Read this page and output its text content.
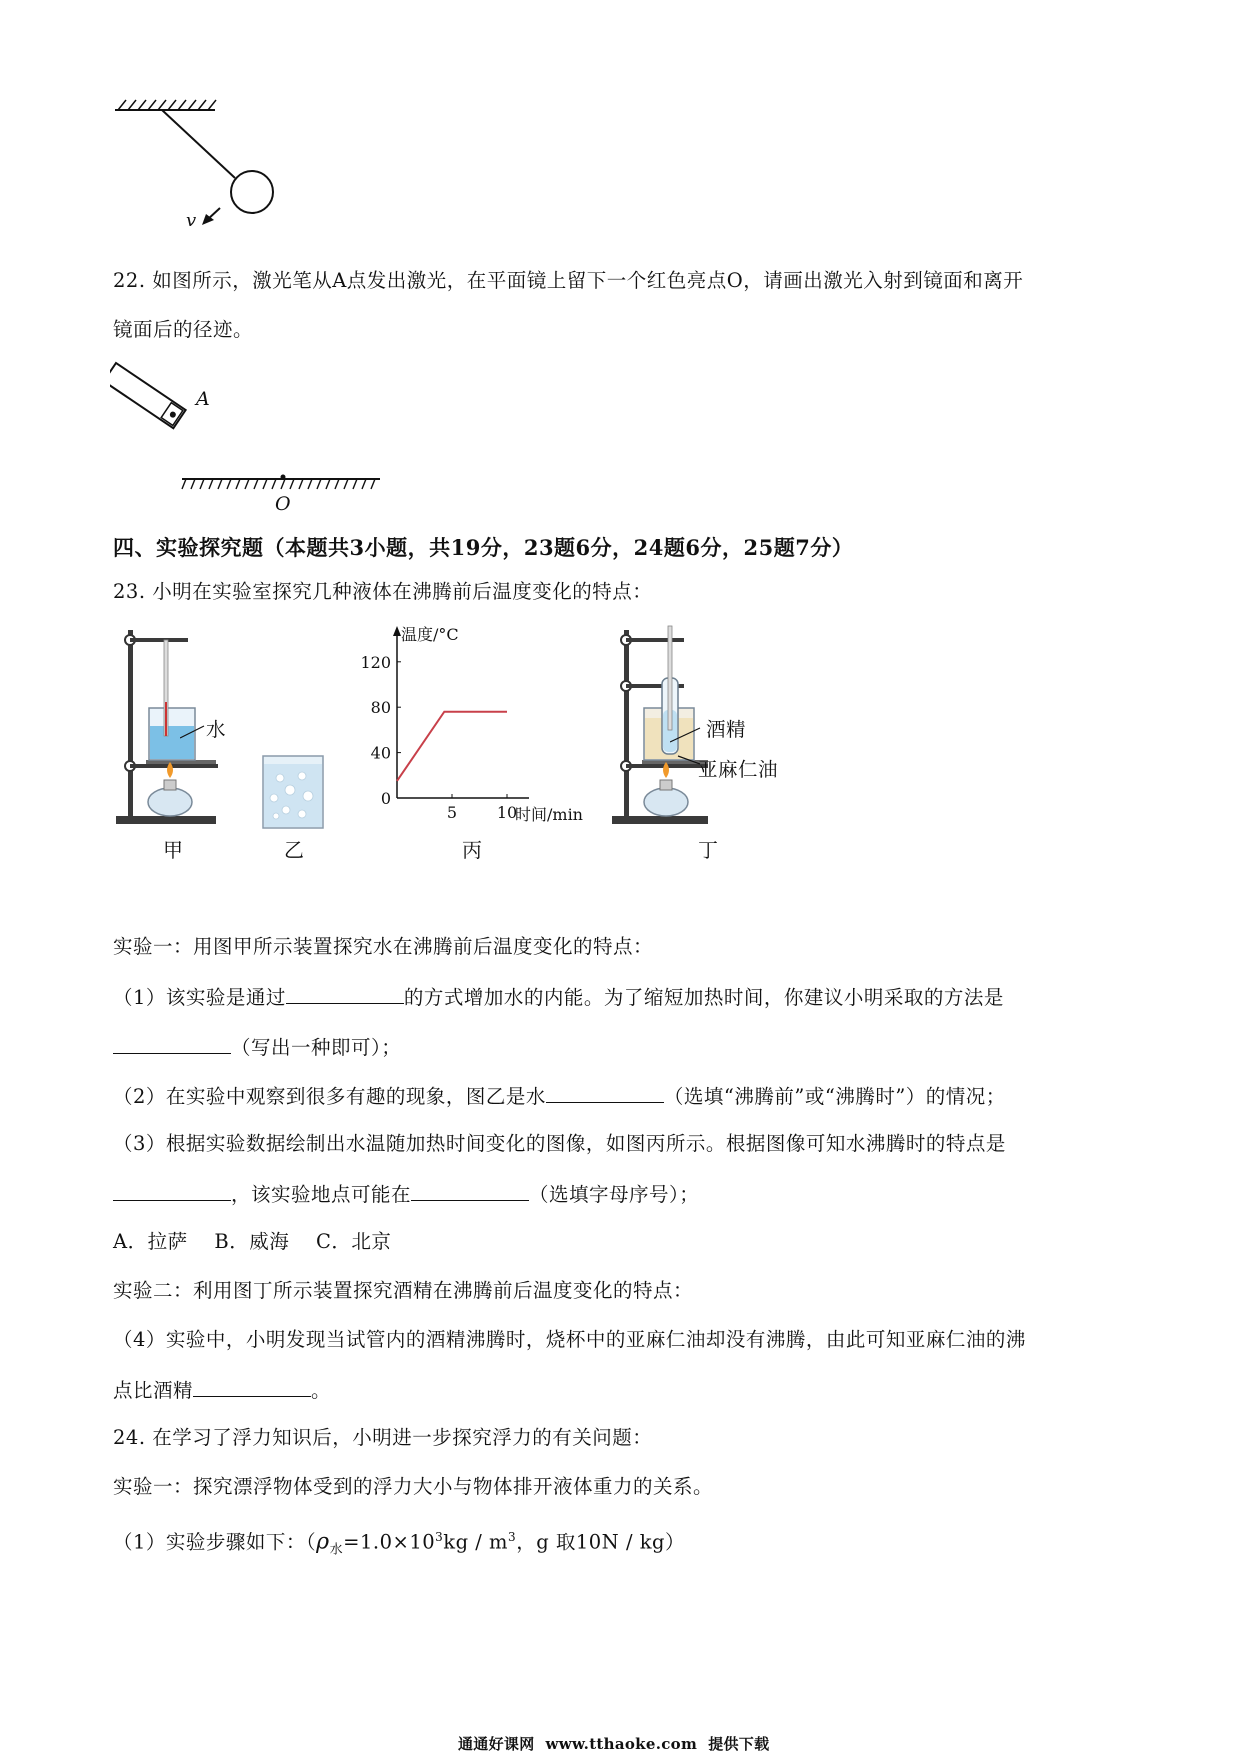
v
22. 如图所示，激光笔从A点发出激光，在平面镜上留下一个红色亮点O，请画出激光入射到镜面和离开
镜面后的径迹。
A
O
四、实验探究题（本题共3小题，共19分，23题6分，24题6分，25题7分）
23. 小明在实验室探究几种液体在沸腾前后温度变化的特点：
水
甲	乙
0
40
80
120
5 10
温度/°C
时间/min
丙
酒精
亚麻仁油
丁
实验一：用图甲所示装置探究水在沸腾前后温度变化的特点：
（1）该实验是通过	的方式增加水的内能。为了缩短加热时间，你建议小明采取的方法是
（写出一种即可）；
（2）在实验中观察到很多有趣的现象，图乙是水	（选填“沸腾前”或“沸腾时”）的情况；
（3）根据实验数据绘制出水温随加热时间变化的图像，如图丙所示。根据图像可知水沸腾时的特点是
，该实验地点可能在	（选填字母序号）；
A．拉萨    B．威海    C．北京
实验二：利用图丁所示装置探究酒精在沸腾前后温度变化的特点：
（4）实验中，小明发现当试管内的酒精沸腾时，烧杯中的亚麻仁油却没有沸腾，由此可知亚麻仁油的沸
点比酒精	。
24. 在学习了浮力知识后，小明进一步探究浮力的有关问题：
实验一：探究漂浮物体受到的浮力大小与物体排开液体重力的关系。
（1）实验步骤如下：（$\rho_水=1.0\times 10^3kg / m^3$，g 取10N / kg）
通通好课网  www.tthaoke.com  提供下载
